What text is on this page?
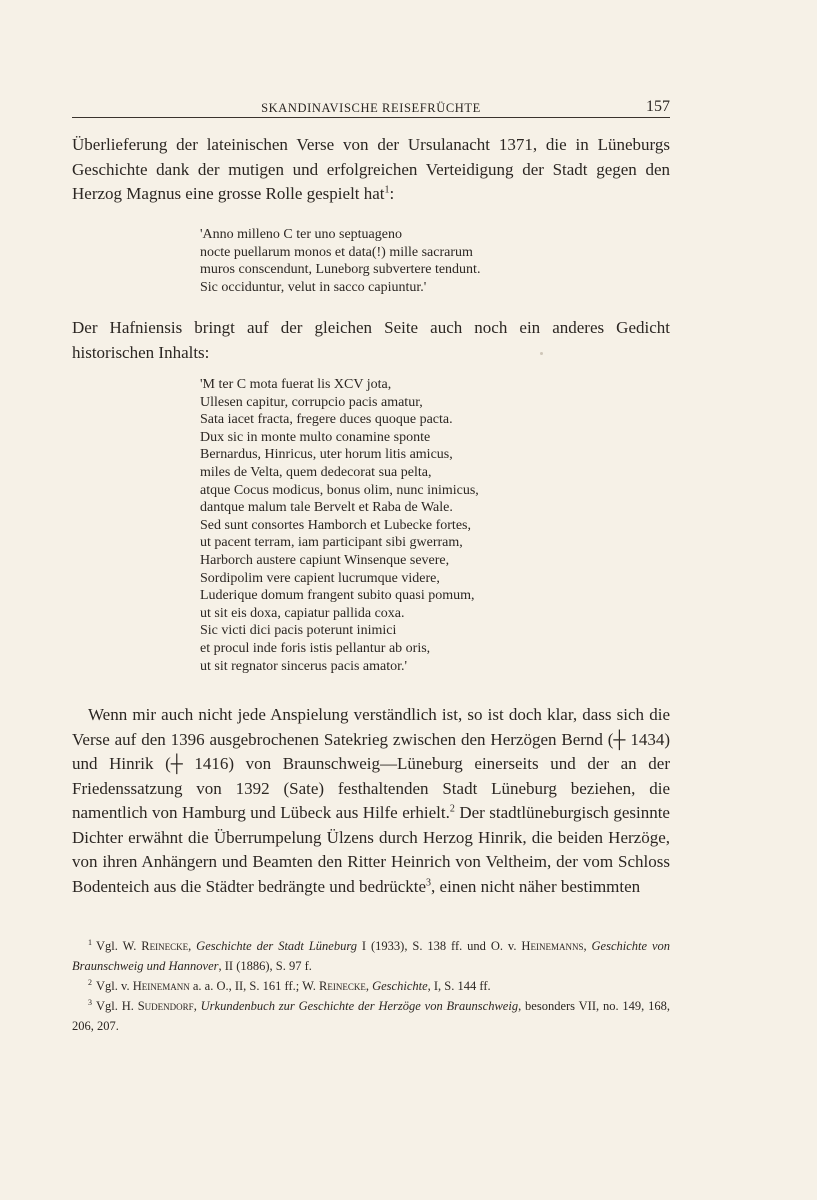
SKANDINAVISCHE REISEFRÜCHTE	157

Überlieferung der lateinischen Verse von der Ursulanacht 1371, die in Lüneburgs Geschichte dank der mutigen und erfolgreichen Verteidigung der Stadt gegen den Herzog Magnus eine grosse Rolle gespielt hat$^1$:

'Anno milleno C ter uno septuageno
nocte puellarum monos et data(!) mille sacrarum
muros conscendunt, Luneborg subvertere tendunt.
Sic occiduntur, velut in sacco capiuntur.'

Der Hafniensis bringt auf der gleichen Seite auch noch ein anderes Gedicht historischen Inhalts:

'M ter C mota fuerat lis XCV jota,
Ullesen capitur, corrupcio pacis amatur,
Sata iacet fracta, fregere duces quoque pacta.
Dux sic in monte multo conamine sponte
Bernardus, Hinricus, uter horum litis amicus,
miles de Velta, quem dedecorat sua pelta,
atque Cocus modicus, bonus olim, nunc inimicus,
dantque malum tale Bervelt et Raba de Wale.
Sed sunt consortes Hamborch et Lubecke fortes,
ut pacent terram, iam participant sibi gwerram,
Harborch austere capiunt Winsenque severe,
Sordipolim vere capient lucrumque videre,
Luderique domum frangent subito quasi pomum,
ut sit eis doxa, capiatur pallida coxa.
Sic victi dici pacis poterunt inimici
et procul inde foris istis pellantur ab oris,
ut sit regnator sincerus pacis amator.'

Wenn mir auch nicht jede Anspielung verständlich ist, so ist doch klar, dass sich die Verse auf den 1396 ausgebrochenen Satekrieg zwischen den Herzögen Bernd (┼ 1434) und Hinrik (┼ 1416) von Braunschweig—Lüneburg einerseits und der an der Friedenssatzung von 1392 (Sate) festhaltenden Stadt Lüneburg beziehen, die namentlich von Hamburg und Lübeck aus Hilfe erhielt.$^2$ Der stadtlüneburgisch gesinnte Dichter erwähnt die Überrumpelung Ülzens durch Herzog Hinrik, die beiden Herzöge, von ihren Anhängern und Beamten den Ritter Heinrich von Veltheim, der vom Schloss Bodenteich aus die Städter bedrängte und bedrückte$^3$, einen nicht näher bestimmten

$^1$ Vgl. W. Reinecke, Geschichte der Stadt Lüneburg I (1933), S. 138 ff. und O. v. Heinemanns, Geschichte von Braunschweig und Hannover, II (1886), S. 97 f.
$^2$ Vgl. v. Heinemann a. a. O., II, S. 161 ff.; W. Reinecke, Geschichte, I, S. 144 ff.
$^3$ Vgl. H. Sudendorf, Urkundenbuch zur Geschichte der Herzöge von Braunschweig, besonders VII, no. 149, 168, 206, 207.
